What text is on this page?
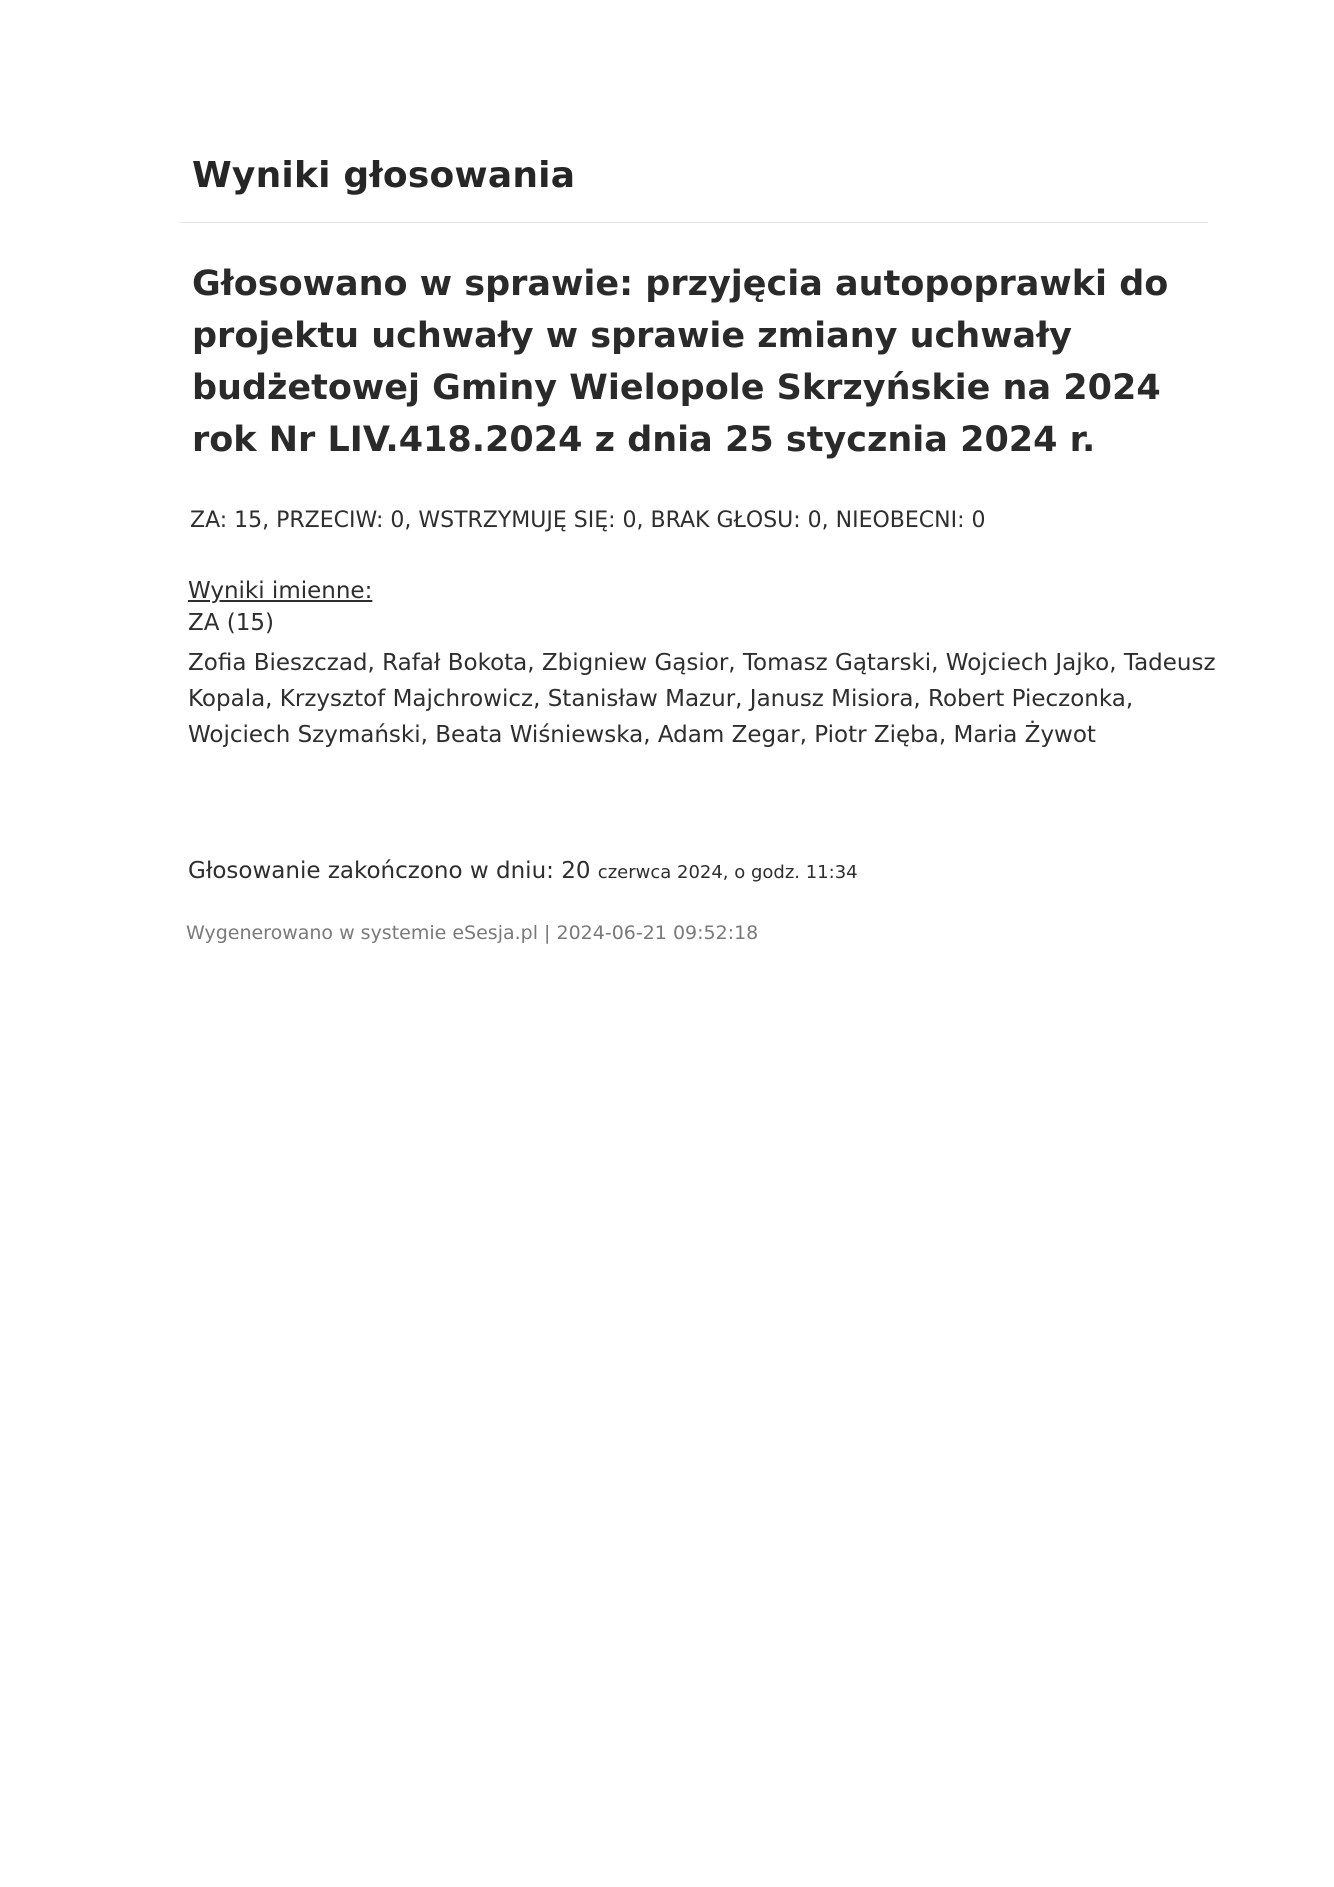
Wyniki głosowania
Głosowano w sprawie: przyjęcia autopoprawki do projektu uchwały w sprawie zmiany uchwały budżetowej Gminy Wielopole Skrzyńskie na 2024 rok Nr LIV.418.2024 z dnia 25 stycznia 2024 r.

ZA: 15, PRZECIW: 0, WSTRZYMUJĘ SIĘ: 0, BRAK GŁOSU: 0, NIEOBECNI: 0

Wyniki imienne:

ZA (15)

Zofia Bieszczad, Rafał Bokota, Zbigniew Gąsior, Tomasz Gątarski, Wojciech Jajko, Tadeusz Kopala, Krzysztof Majchrowicz, Stanisław Mazur, Janusz Misiora, Robert Pieczonka, Wojciech Szymański, Beata Wiśniewska, Adam Zegar, Piotr Zięba, Maria Żywot

Głosowanie zakończono w dniu: 20 czerwca 2024, o godz. 11:34

Wygenerowano w systemie eSesja.pl | 2024-06-21 09:52:18
